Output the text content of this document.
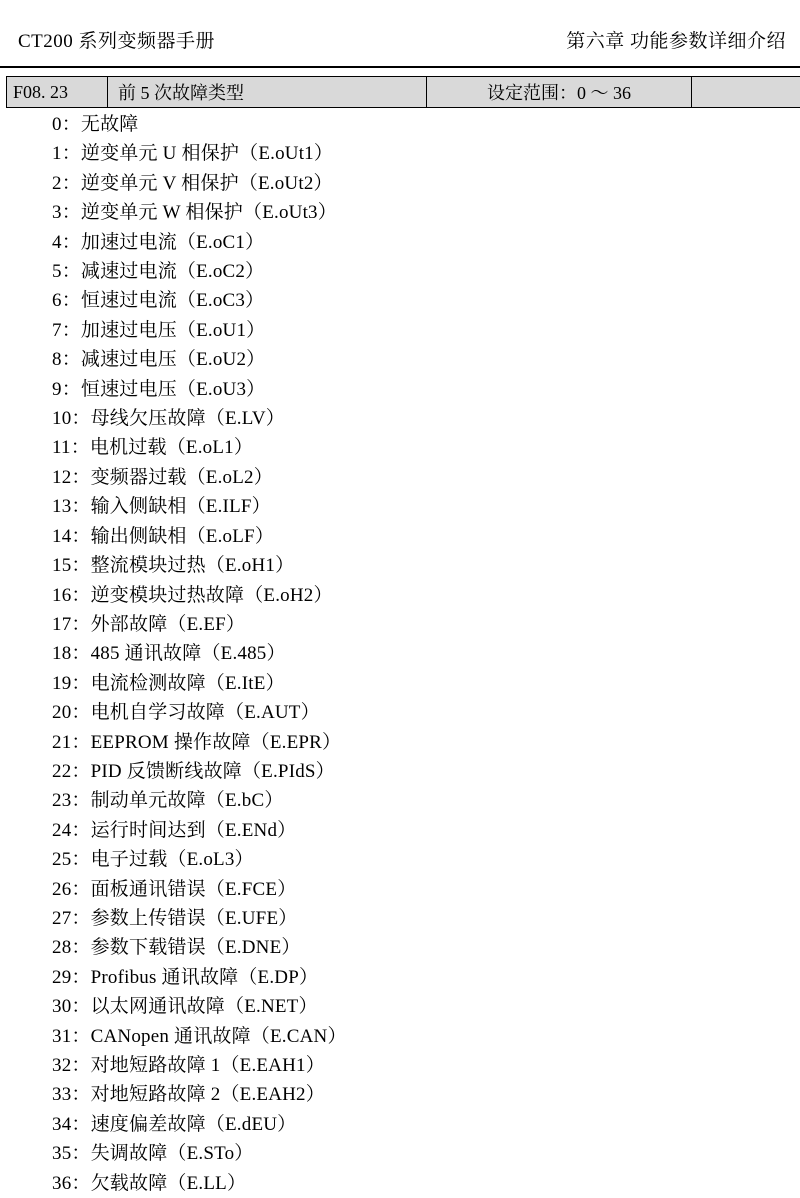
CT200 系列变频器手册	第六章 功能参数详细介绍
F08. 23	前 5 次故障类型	设定范围：0 ～ 36	
0：无故障
1：逆变单元 U 相保护（E.oUt1）
2：逆变单元 V 相保护（E.oUt2）
3：逆变单元 W 相保护（E.oUt3）
4：加速过电流（E.oC1）
5：减速过电流（E.oC2）
6：恒速过电流（E.oC3）
7：加速过电压（E.oU1）
8：减速过电压（E.oU2）
9：恒速过电压（E.oU3）
10：母线欠压故障（E.LV）
11：电机过载（E.oL1）
12：变频器过载（E.oL2）
13：输入侧缺相（E.ILF）
14：输出侧缺相（E.oLF）
15：整流模块过热（E.oH1）
16：逆变模块过热故障（E.oH2）
17：外部故障（E.EF）
18：485 通讯故障（E.485）
19：电流检测故障（E.ItE）
20：电机自学习故障（E.AUT）
21：EEPROM 操作故障（E.EPR）
22：PID 反馈断线故障（E.PIdS）
23：制动单元故障（E.bC）
24：运行时间达到（E.ENd）
25：电子过载（E.oL3）
26：面板通讯错误（E.FCE）
27：参数上传错误（E.UFE）
28：参数下载错误（E.DNE）
29：Profibus 通讯故障（E.DP）
30：以太网通讯故障（E.NET）
31：CANopen 通讯故障（E.CAN）
32：对地短路故障 1（E.EAH1）
33：对地短路故障 2（E.EAH2）
34：速度偏差故障（E.dEU）
35：失调故障（E.STo）
36：欠载故障（E.LL）
